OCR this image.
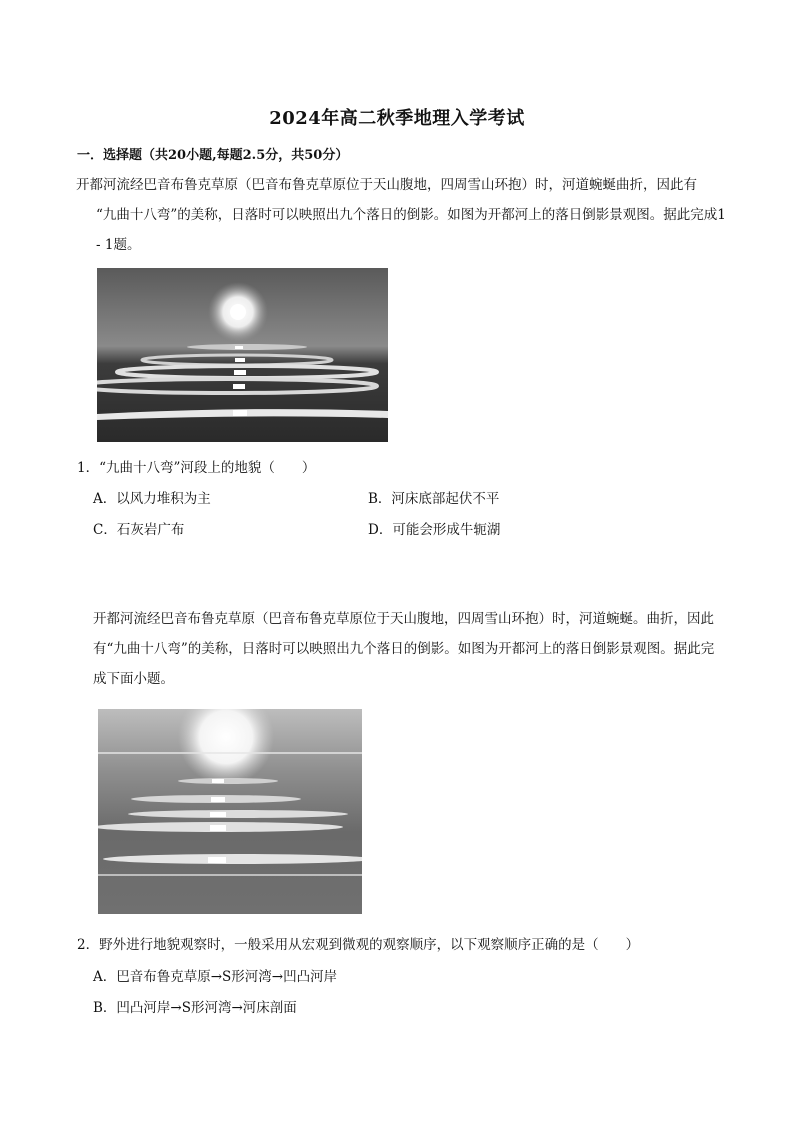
2024年高二秋季地理入学考试
一．选择题（共20小题,每题2.5分，共50分）

开都河流经巴音布鲁克草原（巴音布鲁克草原位于天山腹地，四周雪山环抱）时，河道蜿蜒曲折，因此有
“九曲十八弯”的美称，日落时可以映照出九个落日的倒影。如图为开都河上的落日倒影景观图。据此完成1 - 1题。

1．“九曲十八弯”河段上的地貌（　　）
A．以风力堆积为主	B．河床底部起伏不平
C．石灰岩广布	D．可能会形成牛轭湖

开都河流经巴音布鲁克草原（巴音布鲁克草原位于天山腹地，四周雪山环抱）时，河道蜿蜒。曲折，因此有“九曲十八弯”的美称，日落时可以映照出九个落日的倒影。如图为开都河上的落日倒影景观图。据此完成下面小题。

2．野外进行地貌观察时，一般采用从宏观到微观的观察顺序，以下观察顺序正确的是（　　）
A．巴音布鲁克草原→S形河湾→凹凸河岸
B．凹凸河岸→S形河湾→河床剖面
